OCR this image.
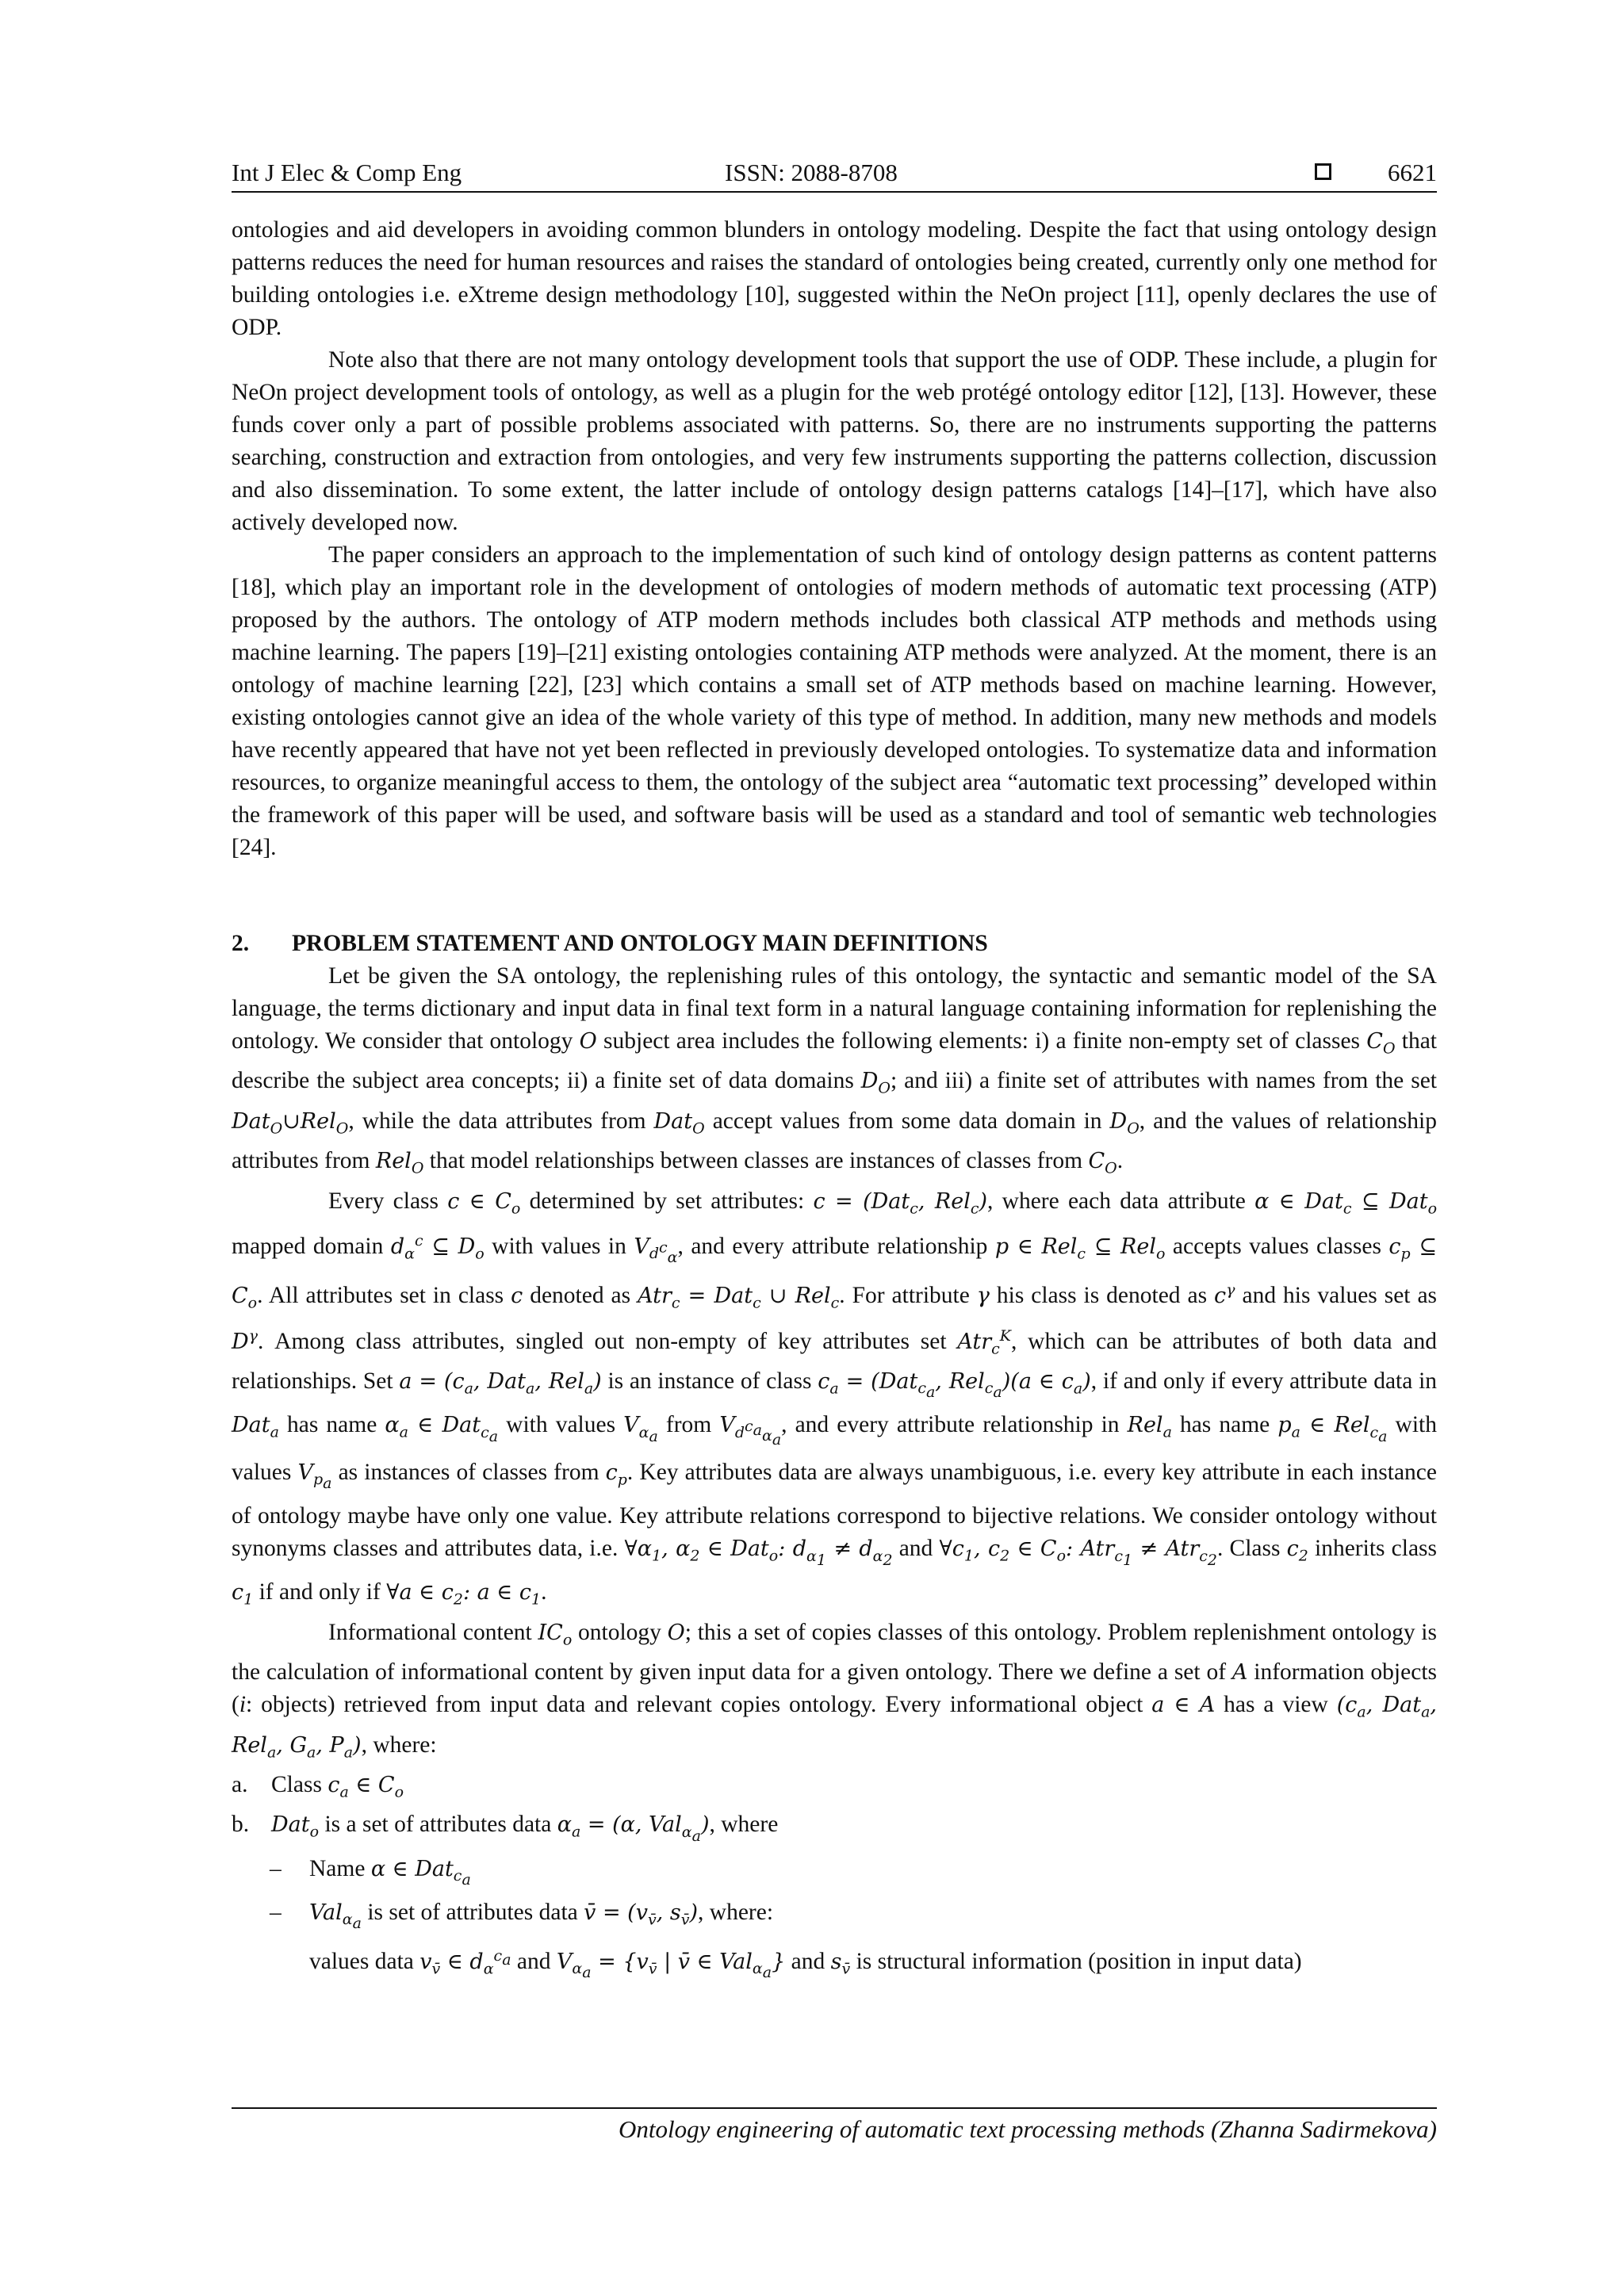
Int J Elec & Comp Eng	ISSN: 2088-8708	6621

ontologies and aid developers in avoiding common blunders in ontology modeling. Despite the fact that using ontology design patterns reduces the need for human resources and raises the standard of ontologies being created, currently only one method for building ontologies i.e. eXtreme design methodology [10], suggested within the NeOn project [11], openly declares the use of ODP.

Note also that there are not many ontology development tools that support the use of ODP. These include, a plugin for NeOn project development tools of ontology, as well as a plugin for the web protégé ontology editor [12], [13]. However, these funds cover only a part of possible problems associated with patterns. So, there are no instruments supporting the patterns searching, construction and extraction from ontologies, and very few instruments supporting the patterns collection, discussion and also dissemination. To some extent, the latter include of ontology design patterns catalogs [14]–[17], which have also actively developed now.

The paper considers an approach to the implementation of such kind of ontology design patterns as content patterns [18], which play an important role in the development of ontologies of modern methods of automatic text processing (ATP) proposed by the authors. The ontology of ATP modern methods includes both classical ATP methods and methods using machine learning. The papers [19]–[21] existing ontologies containing ATP methods were analyzed. At the moment, there is an ontology of machine learning [22], [23] which contains a small set of ATP methods based on machine learning. However, existing ontologies cannot give an idea of the whole variety of this type of method. In addition, many new methods and models have recently appeared that have not yet been reflected in previously developed ontologies. To systematize data and information resources, to organize meaningful access to them, the ontology of the subject area “automatic text processing” developed within the framework of this paper will be used, and software basis will be used as a standard and tool of semantic web technologies [24].

2. PROBLEM STATEMENT AND ONTOLOGY MAIN DEFINITIONS

Let be given the SA ontology, the replenishing rules of this ontology, the syntactic and semantic model of the SA language, the terms dictionary and input data in final text form in a natural language containing information for replenishing the ontology. We consider that ontology O subject area includes the following elements: i) a finite non-empty set of classes $C_O$ that describe the subject area concepts; ii) a finite set of data domains $D_O$; and iii) a finite set of attributes with names from the set Dat$_O$∪Rel$_O$, while the data attributes from Dat$_O$ accept values from some data domain in $D_O$, and the values of relationship attributes from Rel$_O$ that model relationships between classes are instances of classes from $C_O$.

Every class c ∈ $C_o$ determined by set attributes: c = (Dat$_c$, Rel$_c$), where each data attribute α ∈ Dat$_c$ ⊆ Dat$_o$ mapped domain $d_\alpha^c$ ⊆ $D_o$ with values in $V_{d^c_\alpha}$, and every attribute relationship p ∈ Rel$_c$ ⊆ Rel$_o$ accepts values classes $c_p$ ⊆ $C_o$. All attributes set in class c denoted as Atr$_c$ = Dat$_c$ ∪ Rel$_c$. For attribute γ his class is denoted as $c^\gamma$ and his values set as $D^\gamma$. Among class attributes, singled out non-empty of key attributes set Atr$_c^K$, which can be attributes of both data and relationships. Set $a = (c_a$, Dat$_a$, Rel$_a$) is an instance of class $c_a = (Dat_{c_a}$, Rel$_{c_a}$)(a ∈ $c_a$), if and only if every attribute data in Dat$_a$ has name $\alpha_a$ ∈ Dat$_{c_a}$ with values $V_{\alpha_a}$ from $V_{d^{c_a}_{\alpha_a}}$, and every attribute relationship in Rel$_a$ has name $p_a$ ∈ Rel$_{c_a}$ with values $V_{p_a}$ as instances of classes from $c_p$. Key attributes data are always unambiguous, i.e. every key attribute in each instance of ontology maybe have only one value. Key attribute relations correspond to bijective relations. We consider ontology without synonyms classes and attributes data, i.e. $\forall\alpha_1$, $\alpha_2$ ∈ Dat$_o$: $d_{\alpha_1} \ne d_{\alpha_2}$ and $\forall c_1$, $c_2$ ∈ $C_o$: Atr$_{c_1}$ ≠ Atr$_{c_2}$. Class $c_2$ inherits class $c_1$ if and only if ∀a ∈ $c_2$: a ∈ $c_1$.

Informational content $IC_o$ ontology O; this a set of copies classes of this ontology. Problem replenishment ontology is the calculation of informational content by given input data for a given ontology. There we define a set of A information objects (i: objects) retrieved from input data and relevant copies ontology. Every informational object a ∈ A has a view ($c_a$, Dat$_a$, Rel$_a$, $G_a$, $P_a$), where:

a. Class $c_a$ ∈ $C_o$
b. Dat$_o$ is a set of attributes data $\alpha_a = (\alpha$, Val$_{\alpha_a}$), where
– Name α ∈ Dat$_{c_a}$
– Val$_{\alpha_a}$ is set of attributes data v̄ = ($v_{v̄}$, $s_{v̄}$), where:
values data $v_{v̄}$ ∈ $d_\alpha^{c_a}$ and $V_{\alpha_a} = \{v_{v̄}$ | v̄ ∈ Val$_{\alpha_a}$} and $s_{v̄}$ is structural information (position in input data)
Ontology engineering of automatic text processing methods (Zhanna Sadirmekova)
